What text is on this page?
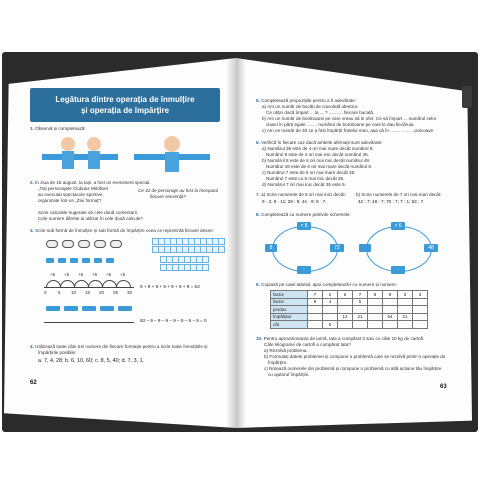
Legătura dintre operația de înmulțire
și operația de împărțire
1. Observă și completează:
2. În ziua de 15 august, la Iași, a fost un eveniment special.
„Toți personajele Clubului Wildlivet
au executat spectacole sportive,
organizate într-un „Ziui formaț”!
Ce 42 de personaje au fost la începutul
fiecare secvență?
Scrie calculele sugerate de cele două comentarii.
Cele numere diferite ai utilizat în cele două calcule?
3. Scrie sub formă de înmulțire și sub formă de împărțire ceea ce reprezintă fiecare desen:
+5 +5 +5 +5 +5 +5
0 5 10 15 20 25 30
9 + 9 + 9 + 9 + 9 + 9 + 9 = 63
63 – 9 – 9 – 9 – 9 – 9 – 9 – 9 = 0
4. Utilizează toate câte trei numere din fiecare formație pentru a scrie toate înmulțirile și
împărțirile posibile:
a. 7, 4, 28; b. 6, 10, 60; c. 8, 5, 40; d. 7, 3, 1.
62
5. Completează propozițiile pentru a fi adevărate:
a) Am un număr de bucăți de ciocolată identice.
Ce obțin dacă împart ... la ... ? ........... fiecare bucată.
b) Am un număr de bomboane pe care vreau să le ofer. Ce să împart ... numărul celor
clasei în părți egale ........ numărul de bomboane pe care le dau fiecăruia.
c) Am un număr de 40 ce a fost împărțit fratelui meu, așa că în ........ ......... potcoave.
6. Verifică în fiecare caz dacă ambele afirmații sunt adevărate:
a) Numărul 36 este de 4 ori mai mare decât numărul 9.
Numărul 9 este de 4 ori mai mic decât numărul 36.
b) Numărul 8 este de 6 ori mai mic decât numărul 48.
Numărul 48 este de 6 ori mai mare decât numărul 8.
c) Numărul 7 este de 5 ori mai mare decât 35.
Numărul 7 este cu 5 mai mic decât 35.
d) Numărul 7 ori mai mic decât 35 este 5.
7. a) Scrie numerele de 9 ori mai mici decât:
9 · 2; 9 · 11; 29 : 9; 44 · 9; 9 · 7.
b) Scrie numerele de 7 ori mai mari decât:
42 : 7; 49 : 7; 70 : 7; 7 : 1; 63 : 7.
8. Completează cu numere potrivite schemele:
× 8
:
8	72
× 6
:
48
9. Copiază pe caiet tabelul, apoi completează-l cu numere și numere:
factor	7	2	6	7	8	9	3	3
factor	9	4		5				
produs								
împărțitor			12	21		54	21	
cât		5						
10. Pentru aprovizionarea de iarnă, tata a cumpărat 3 saci cu câte 10 kg de cartofi.
Câte kilograme de cartofi a cumpărat tata?
a) Rezolvă problema.
b) Formulați datele problemei și compune o problemă care se rezolvă printr-o operație de
împărțire.
c) Notează numerele din problemă și compune o problemă cu altă acțiune tău împărțire
cu ajutorul împărțirii.
63
